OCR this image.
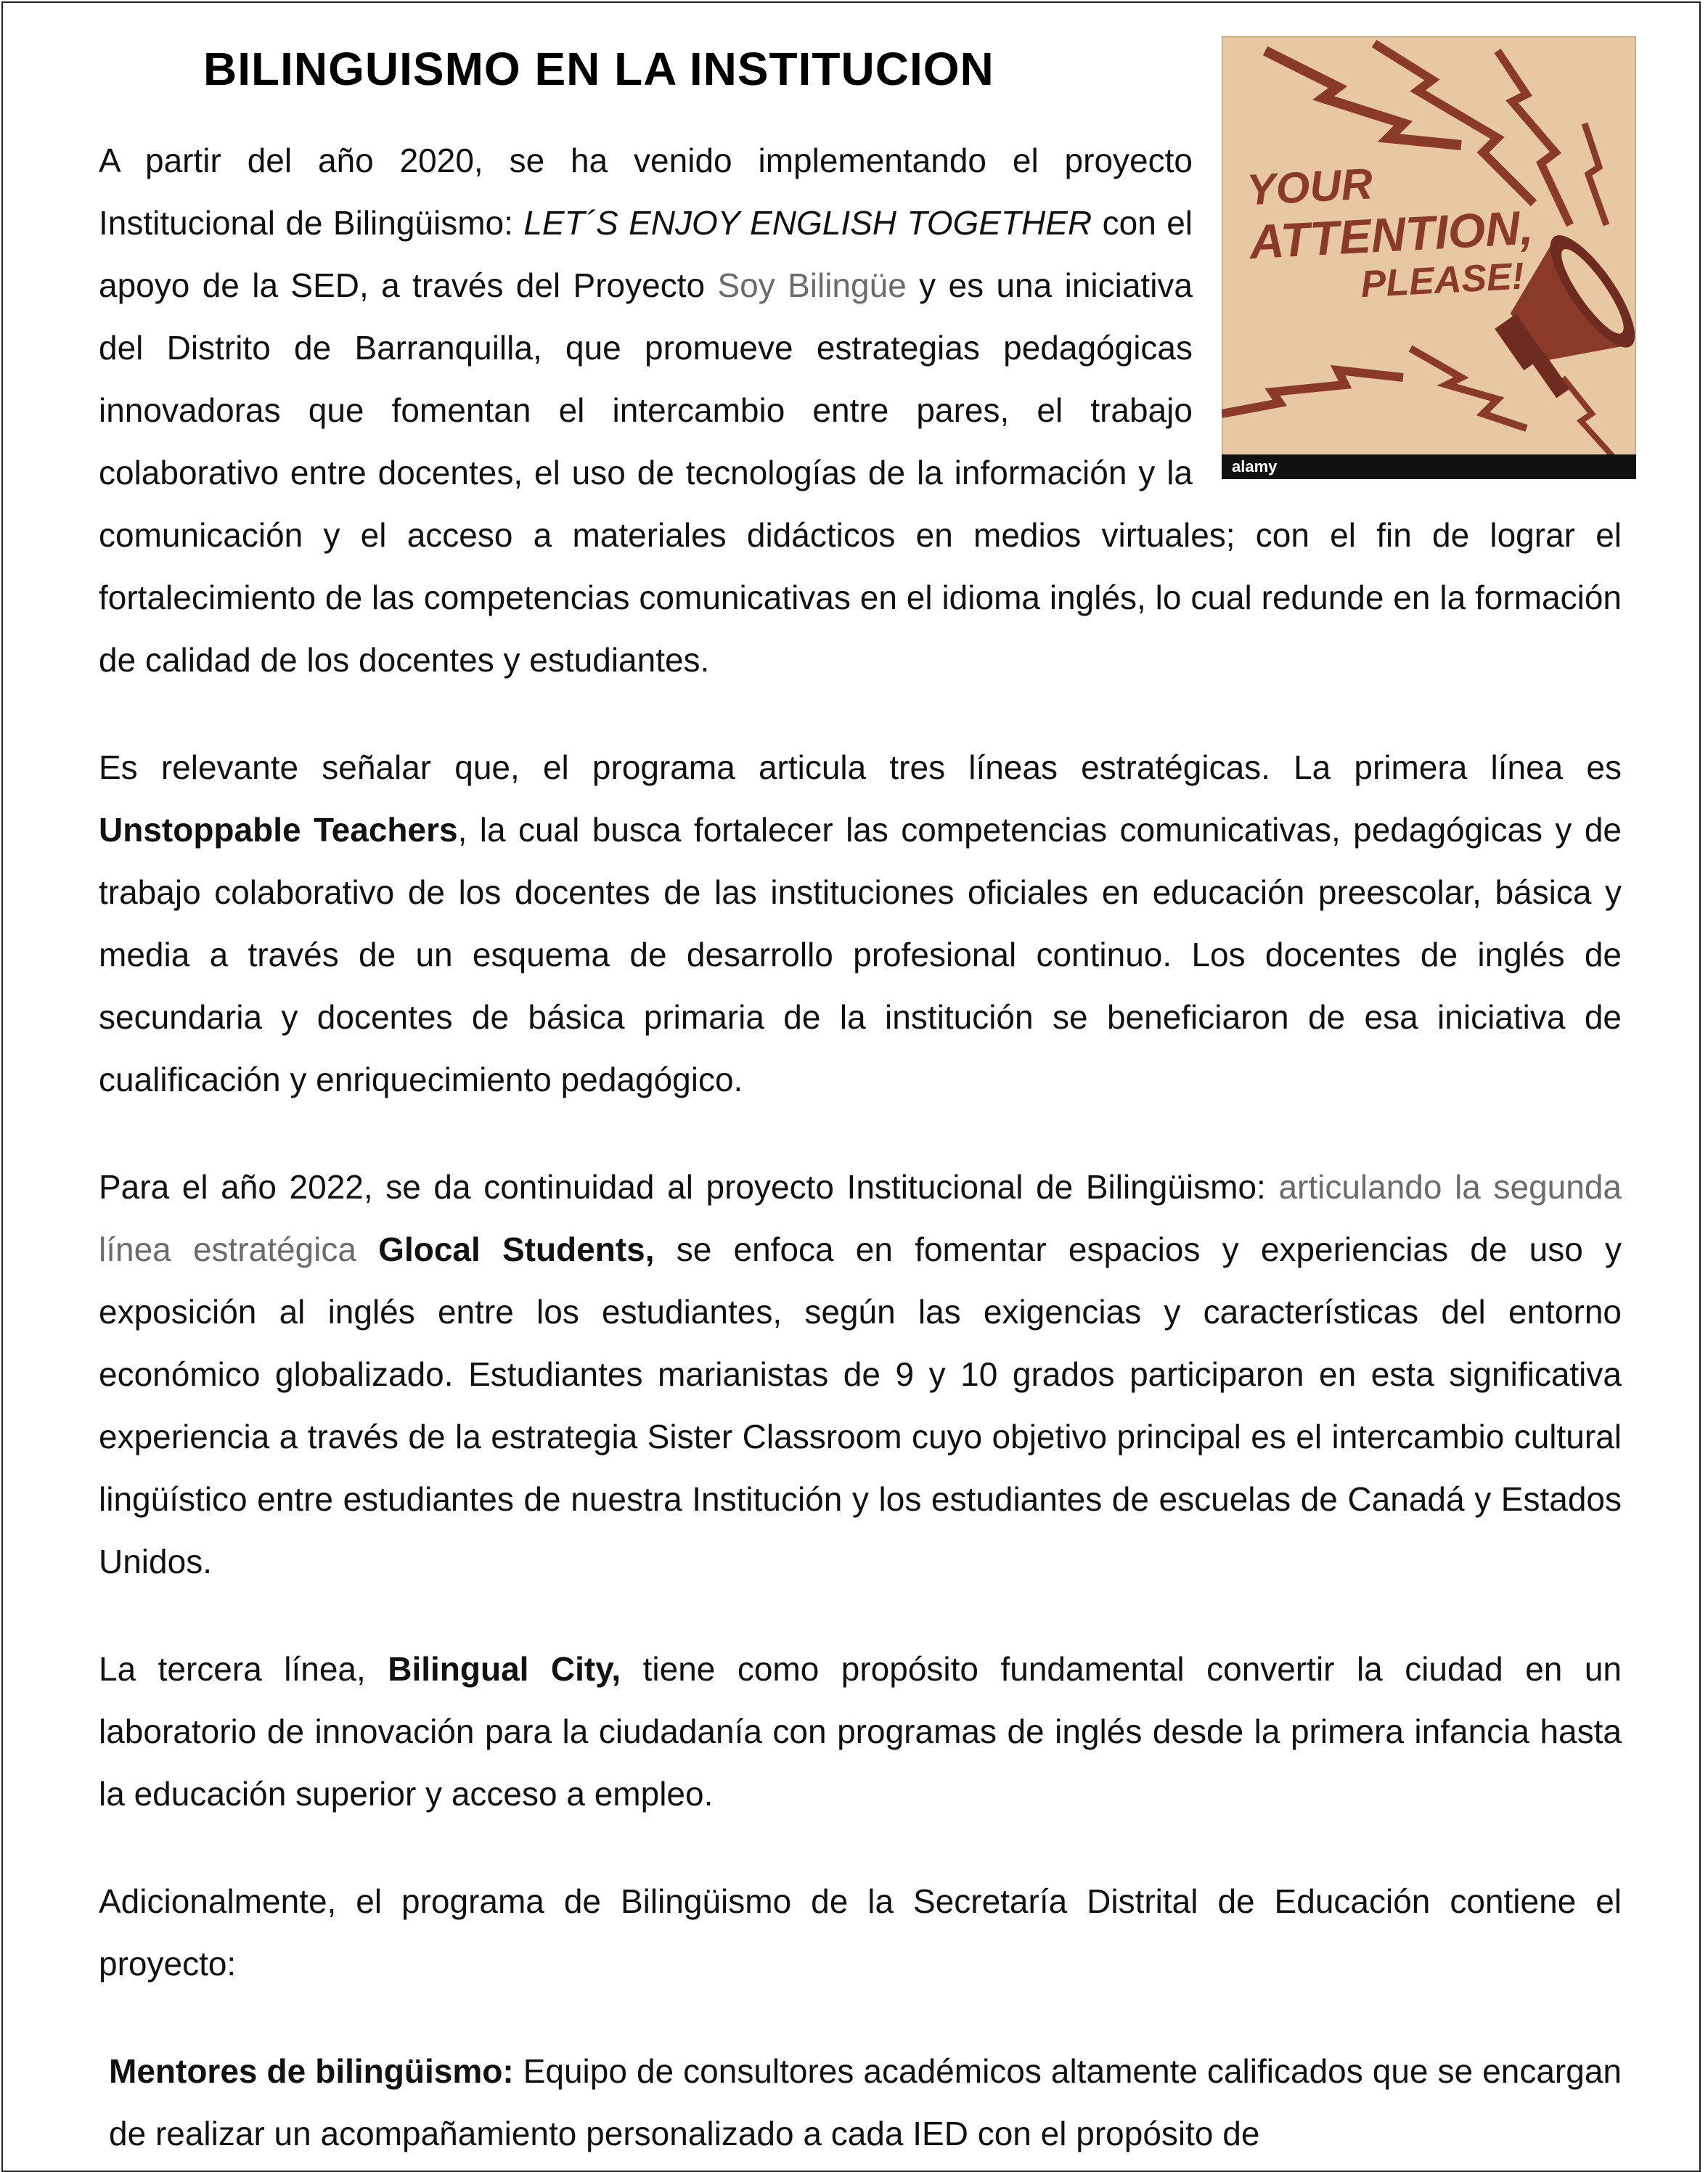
BILINGUISMO EN LA INSTITUCION
YOUR
ATTENTION,
PLEASE!
alamy

A partir del año 2020, se ha venido implementando el proyecto Institucional de Bilingüismo: LET´S ENJOY ENGLISH TOGETHER con el apoyo de la SED, a través del Proyecto Soy Bilingüe y es una iniciativa del Distrito de Barranquilla, que promueve estrategias pedagógicas innovadoras que fomentan el intercambio entre pares, el trabajo colaborativo entre docentes, el uso de tecnologías de la información y la comunicación y el acceso a materiales didácticos en medios virtuales; con el fin de lograr el fortalecimiento de las competencias comunicativas en el idioma inglés, lo cual redunde en la formación de calidad de los docentes y estudiantes.

Es relevante señalar que, el programa articula tres líneas estratégicas. La primera línea es Unstoppable Teachers, la cual busca fortalecer las competencias comunicativas, pedagógicas y de trabajo colaborativo de los docentes de las instituciones oficiales en educación preescolar, básica y media a través de un esquema de desarrollo profesional continuo. Los docentes de inglés de secundaria y docentes de básica primaria de la institución se beneficiaron de esa iniciativa de cualificación y enriquecimiento pedagógico.

Para el año 2022, se da continuidad al proyecto Institucional de Bilingüismo: articulando la segunda línea estratégica Glocal Students, se enfoca en fomentar espacios y experiencias de uso y exposición al inglés entre los estudiantes, según las exigencias y características del entorno económico globalizado. Estudiantes marianistas de 9 y 10 grados participaron en esta significativa experiencia a través de la estrategia Sister Classroom cuyo objetivo principal es el intercambio cultural lingüístico entre estudiantes de nuestra Institución y los estudiantes de escuelas de Canadá y Estados Unidos.

La tercera línea, Bilingual City, tiene como propósito fundamental convertir la ciudad en un laboratorio de innovación para la ciudadanía con programas de inglés desde la primera infancia hasta la educación superior y acceso a empleo.

Adicionalmente, el programa de Bilingüismo de la Secretaría Distrital de Educación contiene el proyecto:

Mentores de bilingüismo: Equipo de consultores académicos altamente calificados que se encargan de realizar un acompañamiento personalizado a cada IED con el propósito de
